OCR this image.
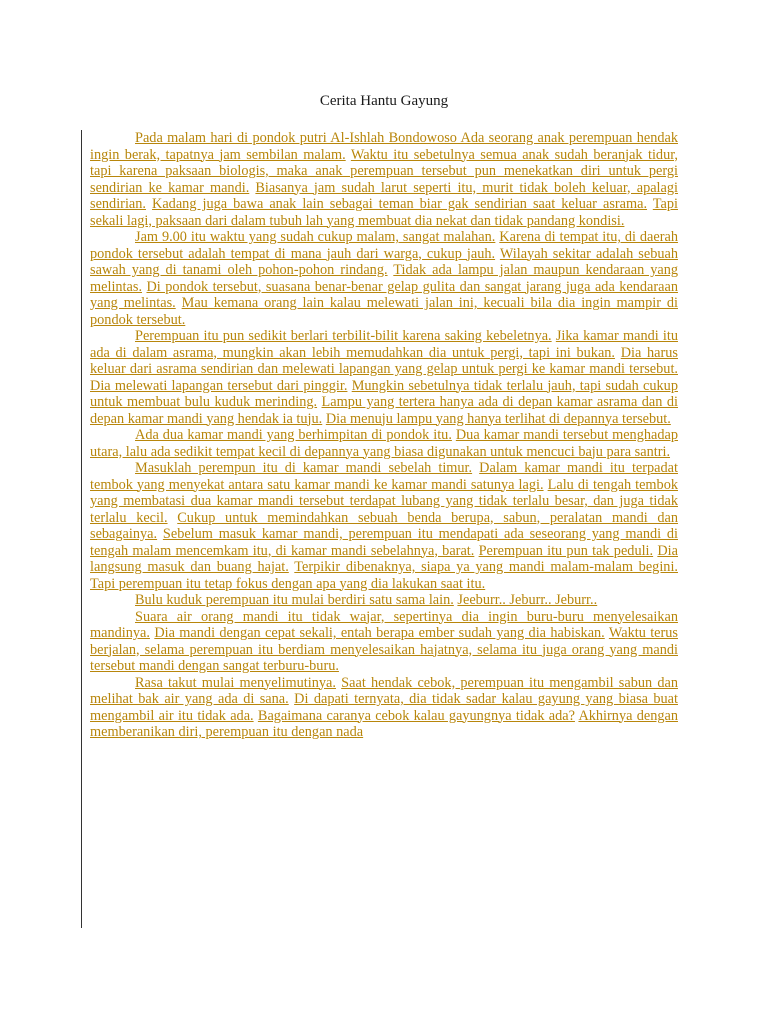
Cerita Hantu Gayung

Pada malam hari di pondok putri Al-Ishlah Bondowoso Ada seorang anak perempuan hendak ingin berak, tapatnya jam sembilan malam. Waktu itu sebetulnya semua anak sudah beranjak tidur, tapi karena paksaan biologis, maka anak perempuan tersebut pun menekatkan diri untuk pergi sendirian ke kamar mandi. Biasanya jam sudah larut seperti itu, murit tidak boleh keluar, apalagi sendirian. Kadang juga bawa anak lain sebagai teman biar gak sendirian saat keluar asrama. Tapi sekali lagi, paksaan dari dalam tubuh lah yang membuat dia nekat dan tidak pandang kondisi.

Jam 9.00 itu waktu yang sudah cukup malam, sangat malahan. Karena di tempat itu, di daerah pondok tersebut adalah tempat di mana jauh dari warga, cukup jauh. Wilayah sekitar adalah sebuah sawah yang di tanami oleh pohon-pohon rindang. Tidak ada lampu jalan maupun kendaraan yang melintas. Di pondok tersebut, suasana benar-benar gelap gulita dan sangat jarang juga ada kendaraan yang melintas. Mau kemana orang lain kalau melewati jalan ini, kecuali bila dia ingin mampir di pondok tersebut.

Perempuan itu pun sedikit berlari terbilit-bilit karena saking kebeletnya. Jika kamar mandi itu ada di dalam asrama, mungkin akan lebih memudahkan dia untuk pergi, tapi ini bukan. Dia harus keluar dari asrama sendirian dan melewati lapangan yang gelap untuk pergi ke kamar mandi tersebut. Dia melewati lapangan tersebut dari pinggir. Mungkin sebetulnya tidak terlalu jauh, tapi sudah cukup untuk membuat bulu kuduk merinding. Lampu yang tertera hanya ada di depan kamar asrama dan di depan kamar mandi yang hendak ia tuju. Dia menuju lampu yang hanya terlihat di depannya tersebut.

Ada dua kamar mandi yang berhimpitan di pondok itu. Dua kamar mandi tersebut menghadap utara, lalu ada sedikit tempat kecil di depannya yang biasa digunakan untuk mencuci baju para santri.

Masuklah perempun itu di kamar mandi sebelah timur. Dalam kamar mandi itu terpadat tembok yang menyekat antara satu kamar mandi ke kamar mandi satunya lagi. Lalu di tengah tembok yang membatasi dua kamar mandi tersebut terdapat lubang yang tidak terlalu besar, dan juga tidak terlalu kecil. Cukup untuk memindahkan sebuah benda berupa, sabun, peralatan mandi dan sebagainya. Sebelum masuk kamar mandi, perempuan itu mendapati ada seseorang yang mandi di tengah malam mencemkam itu, di kamar mandi sebelahnya, barat. Perempuan itu pun tak peduli. Dia langsung masuk dan buang hajat. Terpikir dibenaknya, siapa ya yang mandi malam-malam begini. Tapi perempuan itu tetap fokus dengan apa yang dia lakukan saat itu.

Bulu kuduk perempuan itu mulai berdiri satu sama lain. Jeeburr.. Jeburr.. Jeburr..

Suara air orang mandi itu tidak wajar, sepertinya dia ingin buru-buru menyelesaikan mandinya. Dia mandi dengan cepat sekali, entah berapa ember sudah yang dia habiskan. Waktu terus berjalan, selama perempuan itu berdiam menyelesaikan hajatnya, selama itu juga orang yang mandi tersebut mandi dengan sangat terburu-buru.

Rasa takut mulai menyelimutinya. Saat hendak cebok, perempuan itu mengambil sabun dan melihat bak air yang ada di sana. Di dapati ternyata, dia tidak sadar kalau gayung yang biasa buat mengambil air itu tidak ada. Bagaimana caranya cebok kalau gayungnya tidak ada? Akhirnya dengan memberanikan diri, perempuan itu dengan nada
